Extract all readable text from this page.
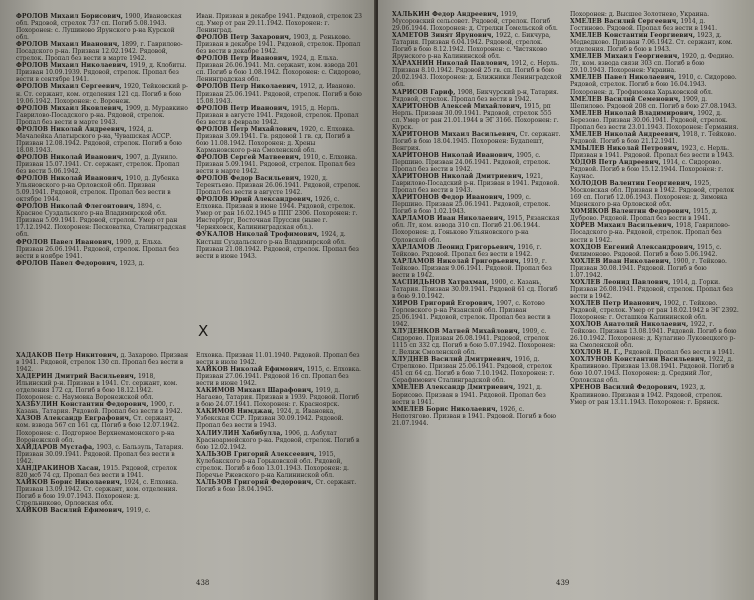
ФРОЛОВ Михаил Борисович, 1900, Ивановская обл. Рядовой, стрелок 737 сп. Погиб 5.08.1943. Похоронен: с. Лушиново Ярунского р-на Курской обл.

ФРОЛОВ Михаил Иванович, 1899, г. Гаврилово-Посадского р-на. Призван 12.02.1942. Рядовой, стрелок. Пропал без вести в марте 1942.

ФРОЛОВ Михаил Николаевич, 1919, д. Клобиты. Призван 10.09.1939. Рядовой, стрелок. Пропал без вести в сентябре 1941.

ФРОЛОВ Михаил Сергеевич, 1920, Тейковский р-н. Ст. сержант, ком. отделения 121 сд. Погиб в бою 19.06.1942. Похоронен: с. Воронеж.

ФРОЛОВ Михаил Яковлевич, 1909, д. Муравкино Гаврилово-Посадского р-на. Рядовой, стрелок. Пропал без вести в марте 1943.

ФРОЛОВ Николай Андреевич, 1924, д. Мачалейка Алатырского р-на, Чувашская АССР. Призван 12.08.1942. Рядовой, стрелок. Погиб в бою 18.08.1943.

ФРОЛОВ Николай Иванович, 1907, д. Дунило. Призван 15.07.1941. Ст. сержант, стрелок. Пропал без вести 5.06.1942.

ФРОЛОВ Николай Иванович, 1910, д. Дубенка Ульяновского р-на Орловской обл. Призван 5.09.1941. Рядовой, стрелок. Пропал без вести в октябре 1944.

ФРОЛОВ Николай Флегонтович, 1894, с. Красное Суздальского р-на Владимирской обл. Призван 5.09.1941. Рядовой, стрелок. Умер от ран 17.12.1942. Похоронен: Песковатка, Сталинградская обл.

ФРОЛОВ Павел Иванович, 1909, д. Ельха. Призван 26.06.1941. Рядовой, стрелок. Пропал без вести в ноябре 1941.

ФРОЛОВ Павел Федорович, 1923, д.

Иван. Призван в декабре 1941. Рядовой, стрелок 23 сд. Умер от ран 29.11.1942. Похоронен: г. Ленинград.

ФРОЛОВ Петр Захарович, 1903, д. Реньково. Призван в декабре 1941. Рядовой, стрелок. Пропал без вести в декабре 1942.

ФРОЛОВ Петр Иванович, 1924, д. Ельха. Призван 26.06.1941. Мл. сержант, ком. взвода 201 сп. Погиб в бою 1.08.1942. Похоронен: с. Сидорово, Ленинградская обл.

ФРОЛОВ Петр Николаевич, 1912, д. Иваново. Призван 25.06.1941. Рядовой, стрелок. Погиб в бою 15.08.1943.

ФРОЛОВ Петр Иванович, 1915, д. Нерль. Призван в августе 1941. Рядовой, стрелок. Пропал без вести в феврале 1942.

ФРОЛОВ Петр Михайлович, 1920, с. Елховка. Призван 3.09.1941. Гв. рядовой 1 гв. сд. Погиб в бою 11.08.1942. Похоронен: д. Хрены Кармановского р-на Смоленской обл.

ФРОЛОВ Сергей Матвеевич, 1910, с. Елховка. Призван 5.09.1941. Рядовой, стрелок. Пропал без вести в марте 1942.

ФРОЛОВ Федор Васильевич, 1920, д. Терентьево. Призван 26.06.1941. Рядовой, стрелок. Пропал без вести в августе 1942.

ФРОЛОВ Юрий Александрович, 1926, с. Елховка. Призван в июне 1944. Рядовой, стрелок. Умер от ран 16.02.1945 в ППГ 2306. Похоронен: г. Инстербург, Восточная Пруссия (ныне г. Черняховск, Калининградская обл.).

ФУКАЛОВ Николай Трофимович, 1924, д. Кистыш Суздальского р-на Владимирской обл. Призван 21.08.1942. Рядовой, стрелок. Пропал без вести в июне 1943.

Х

ХАДАКОВ Петр Никитович, д. Захарово. Призван в 1941. Рядовой, стрелок 130 сп. Пропал без вести в 1942.

ХАДЕРИН Дмитрий Васильевич, 1918, Ильинский р-н. Призван в 1941. Ст. сержант, ком. отделения 172 сд. Погиб в бою 18.12.1942. Похоронен: с. Наумовка Воронежской обл.

ХАЗБУЛИН Константин Федорович, 1900, г. Казань, Татария. Рядовой. Пропал без вести в 1942.

ХАЗОВ Александр Евграфович, Ст. сержант, ком. взвода 567 сп 161 сд. Погиб в бою 12.07.1942. Похоронен: с. Подгорное Верхнемамонского р-на Воронежской обл.

ХАЙДАРОВ Мустафа, 1903, с. Бальзуль, Татария. Призван 30.09.1941. Рядовой. Пропал без вести в 1942.

ХАНДРАКИНОВ Хасан, 1915. Рядовой, стрелок 820 мсб 74 сд. Пропал без вести в 1941.

ХАЙКОВ Борис Николаевич, 1924, с. Елховка. Призван 13.09.1942. Ст. сержант, ком. отделения. Погиб в бою 19.07.1943. Похоронен: д. Стрельниково, Орловская обл.

ХАЙКОВ Василий Ефимович, 1919, с.

Елховка. Призван 11.01.1940. Рядовой. Пропал без вести в июле 1942.

ХАЙКОВ Николай Ефимович, 1915, с. Елховка. Призван 27.06.1941. Рядовой 16 сп. Пропал без вести в июне 1942.

ХАКИМОВ Михаил Шарафович, 1919, д. Нагаево, Татария. Призван в 1939. Рядовой. Погиб в бою 24.07.1941. Похоронен: г. Красноярск.

ХАКИМОВ Нимджан, 1924, д. Ивановка, Узбекская ССР. Призван 30.09.1942. Рядовой. Пропал без вести в 1943.

ХАЛИУЛИН Хабибулла, 1906, д. Азбулат Красноармейского р-на. Рядовой, стрелок. Погиб в бою 12.02.1942.

ХАЛЬЗОВ Григорий Алексеевич, 1915, Кулебакского р-на Горьковской обл. Рядовой, стрелок. Погиб в бою 13.01.1943. Похоронен: д. Поречье Ржевского р-на Калининской обл.

ХАЛЬЗОВ Григорий Федорович, Ст. сержант. Погиб в бою 18.04.1945.

438

ХАЛЬКИН Федор Андреевич, 1919, Мусоровский сельсовет. Рядовой, стрелок. Погиб 29.06.1944. Похоронен: д. Стрелки Гомельской обл.

ХАМЕТОВ Зинят Ярунович, 1922, с. Бикчура, Татария. Призван 6.04.1942. Рядовой, стрелок. Погиб в бою 8.12.1942. Похоронен: с. Чистяково Ярунского р-на Калининской обл.

ХАРАХНИН Николай Павлович, 1912, с. Нерль. Призван 8.10.1942. Рядовой 25 гв. сп. Погиб в бою 20.02.1943. Похоронен: д. Ближники Ленинградской обл.

ХАРИСОВ Гариф, 1908, Бикчурский р-н, Татария. Рядовой, стрелок. Пропал без вести в 1942.

ХАРИТОНОВ Алексей Михайлович, 1915, рп Нерль. Призван 30.09.1941. Рядовой, стрелок 555 сп. Умер от ран 21.01.1944 в ЭГ 3166. Похоронен: г. Курск.

ХАРИТОНОВ Михаил Васильевич, Ст. сержант. Погиб в бою 18.04.1945. Похоронен: Будапешт, Венгрия.

ХАРИТОНОВ Николай Иванович, 1905, с. Першино. Призван 24.06.1941. Рядовой, стрелок. Пропал без вести в 1942.

ХАРИТОНОВ Николай Дмитриевич, 1921, Гаврилово-Посадский р-н. Призван в 1941. Рядовой. Пропал без вести в 1943.

ХАРИТОНОВ Федор Иванович, 1909, с. Першино. Призван 25.06.1941. Рядовой, стрелок. Погиб в бою 1.02.1943.

ХАРЛАМОВ Иван Николаевич, 1915, Рязанская обл. Лт, ком. взвода 310 сп. Погиб 21.06.1944. Похоронен: д. Гоньково Ульяновского р-на Орловской обл.

ХАРЛАМОВ Леонид Григорьевич, 1916, г. Тейково. Рядовой. Пропал без вести в 1942.

ХАРЛАМОВ Николай Григорьевич, 1919, г. Тейково. Призван 9.06.1941. Рядовой. Пропал без вести в 1942.

ХАСПИДЬНОВ Хатрахман, 1900, с. Казань, Татария. Призван 30.09.1941. Рядовой 61 сд. Погиб в бою 9.10.1942.

ХИРОВ Григорий Егорович, 1907, с. Котово Горлевского р-на Рязанской обл. Призван 25.06.1941. Рядовой, стрелок. Пропал без вести в 1942.

ХЛУДЕНКОВ Матвей Михайлович, 1909, с. Сидорово. Призван 26.08.1941. Рядовой, стрелок 1115 сп 332 сд. Погиб в бою 5.07.1942. Похоронен: г. Велиж Смоленской обл.

ХЛУДНЕВ Василий Дмитриевич, 1916, д. Стрелково. Призван 25.06.1941. Рядовой, стрелок 451 сп 64 сд. Погиб в бою 7.10.1942. Похоронен: г. Серафимович Сталинградской обл.

ХМЕЛЕВ Александр Дмитриевич, 1921, д. Борисово. Призван в 1941. Рядовой. Пропал без вести в 1941.

ХМЕЛЕВ Борис Николаевич, 1926, с. Непотягово. Призван в 1941. Рядовой. Погиб в бою 21.07.1944.

Похоронен: д. Высшее Золотнево, Украина.

ХМЕЛЕВ Василий Сергеевич, 1914, д. Гостиново. Рядовой. Пропал без вести в 1941.

ХМЕЛЕВ Константин Георгиевич, 1923, д. Медведково. Призван 7.06.1942. Ст. сержант, ком. отделения. Погиб в бою в 1943.

ХМЕЛЕВ Михаил Георгиевич, 1920, д. Федино. Лт, ком. взвода связи 303 сп. Погиб в бою 29.10.1943. Похоронен: Украина.

ХМЕЛЕВ Павел Николаевич, 1910, с. Сидорово. Рядовой, стрелок. Погиб в бою 16.04.1943. Похоронен: д. Трофимовка Харьковской обл.

ХМЕЛЕВ Василий Семенович, 1909, д. Шепилово. Рядовой 208 сп. Погиб в бою 27.08.1943.

ХМЕЛЕВ Николай Владимирович, 1902, д. Березово. Призван 30.06.1941. Рядовой, стрелок. Пропал без вести 23.01.1943. Похоронен: Германия.

ХМЕЛЕВ Николай Андреевич, 1918, г. Тейково. Рядовой. Погиб в бою 21.12.1941.

ХМЫЛЕВ Николай Петрович, 1923, с. Нерль. Призван в 1941. Рядовой. Пропал без вести в 1943.

ХОДОВ Петр Андреевич, 1914, с. Сидорово. Рядовой. Погиб в бою 15.12.1944. Похоронен: г. Каунас.

ХОЛОДОВ Валентин Георгиевич, 1925, Московская обл. Призван в 1942. Рядовой, стрелок 169 сп. Погиб 12.06.1943. Похоронен: д. Зимовка Мценского р-на Орловской обл.

ХОМЯКОВ Валентин Федорович, 1915, д. Дуброво. Рядовой. Пропал без вести в 1941.

ХОРЕВ Михаил Васильевич, 1918, Гаврилово-Посадского р-на. Рядовой, стрелок. Пропал без вести в 1942.

ХОХДОВ Евгений Александрович, 1915, с. Филимоново. Рядовой. Погиб в бою 5.06.1942.

ХОХЛЕВ Иван Николаевич, 1900, г. Тейково. Призван 30.08.1941. Рядовой. Погиб в бою 1.07.1942.

ХОХЛЕВ Леонид Павлович, 1914, д. Горки. Призван 26.08.1941. Рядовой, стрелок. Пропал без вести в 1942.

ХОХЛЕВ Петр Иванович, 1902, г. Тейково. Рядовой, стрелок. Умер от ран 18.02.1942 в ЭГ 2392. Похоронен: г. Осташков Калининской обл.

ХОХЛОВ Анатолий Николаевич, 1922, г. Тейково. Призван 13.08.1941. Рядовой. Погиб в бою 26.10.1942. Похоронен: д. Кулагино Луковецкого р-на Смоленской обл.

ХОХЛОВ Н. Г., Рядовой. Пропал без вести в 1941.

ХОХЛУНОВ Константин Васильевич, 1922, д. Крапивново. Призван 13.08.1941. Рядовой. Погиб в бою 10.07.1943. Похоронен: д. Средний Лог, Орловская обл.

ХРЕНОВ Василий Федорович, 1923, д. Крапивново. Призван в 1942. Рядовой, стрелок. Умер от ран 13.11.1943. Похоронен: г. Брянск.

439
